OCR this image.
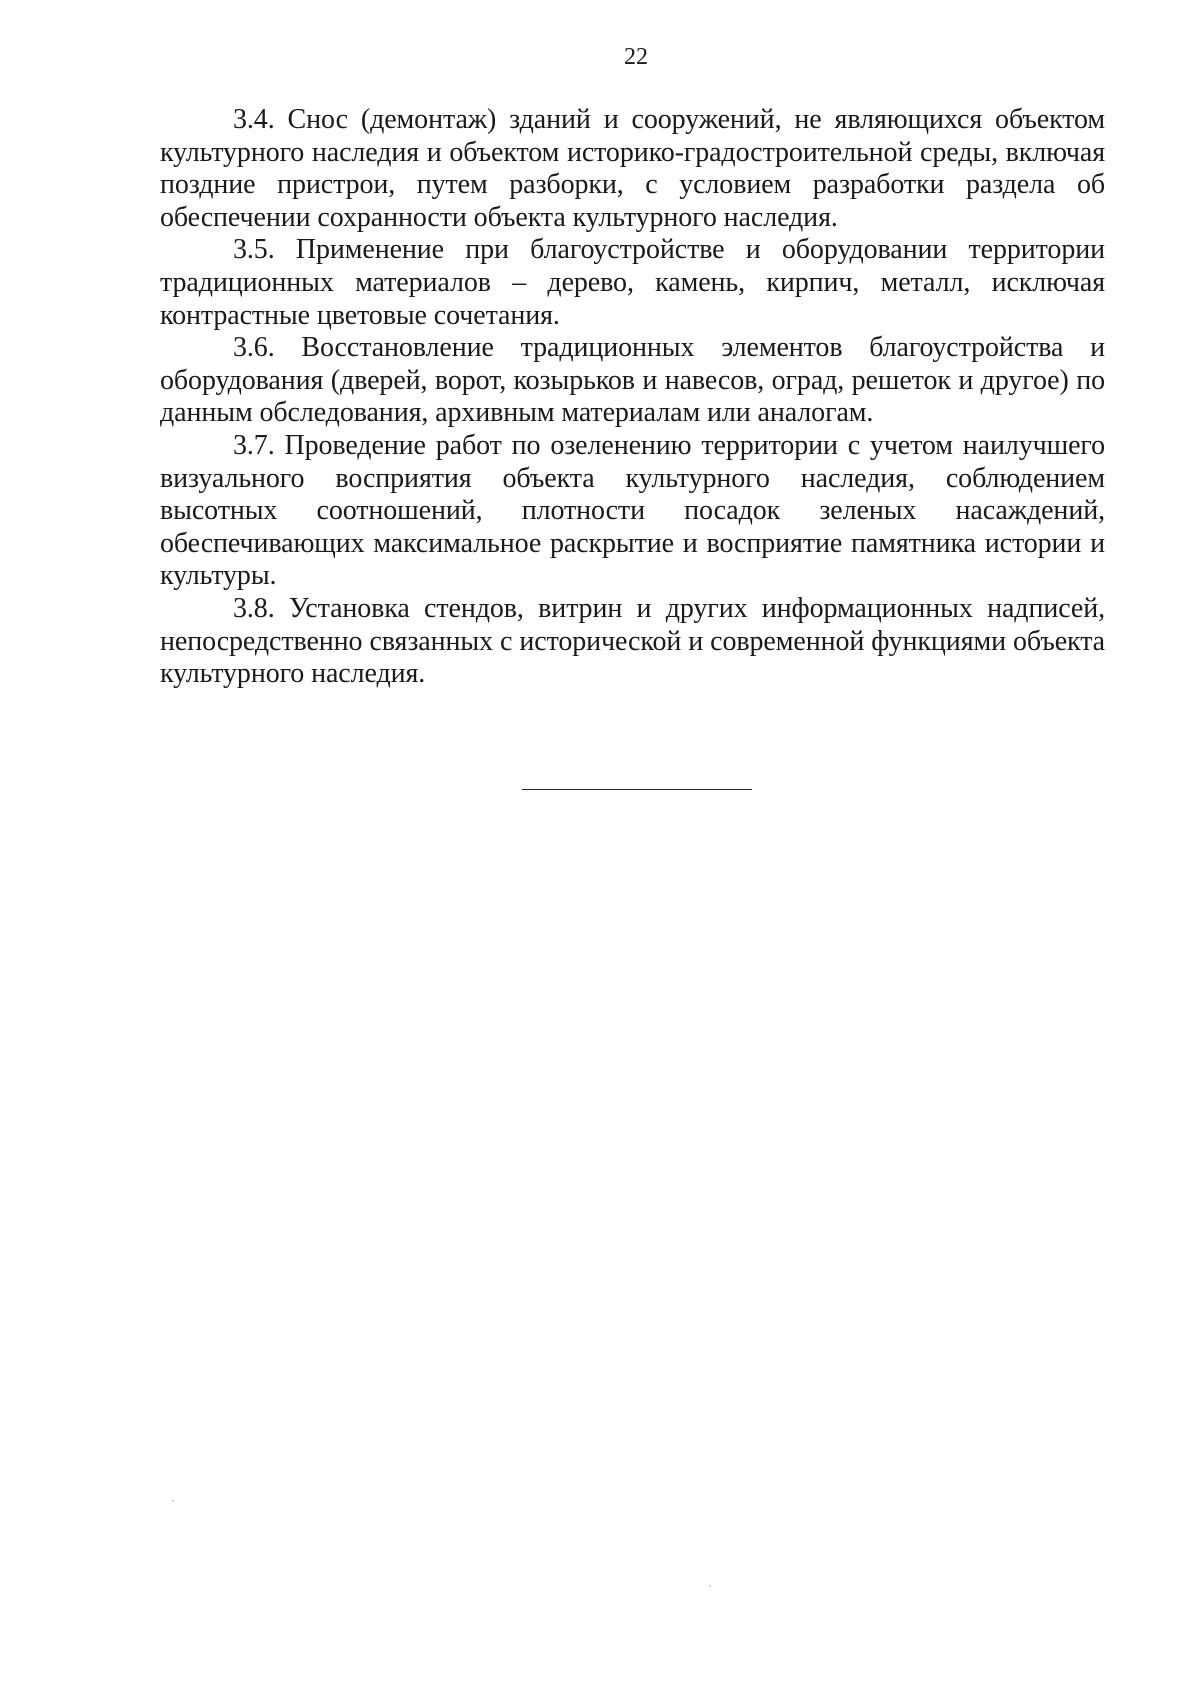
22

3.4. Снос (демонтаж) зданий и сооружений, не являющихся объектом культурного наследия и объектом историко-градостроительной среды, включая поздние пристрои, путем разборки, с условием разработки раздела об обеспечении сохранности объекта культурного наследия.

3.5. Применение при благоустройстве и оборудовании территории традиционных материалов – дерево, камень, кирпич, металл, исключая контрастные цветовые сочетания.

3.6. Восстановление традиционных элементов благоустройства и оборудования (дверей, ворот, козырьков и навесов, оград, решеток и другое) по данным обследования, архивным материалам или аналогам.

3.7. Проведение работ по озеленению территории с учетом наилучшего визуального восприятия объекта культурного наследия, соблюдением высотных соотношений, плотности посадок зеленых насаждений, обеспечивающих максимальное раскрытие и восприятие памятника истории и культуры.

3.8. Установка стендов, витрин и других информационных надписей, непосредственно связанных с исторической и современной функциями объекта культурного наследия.
